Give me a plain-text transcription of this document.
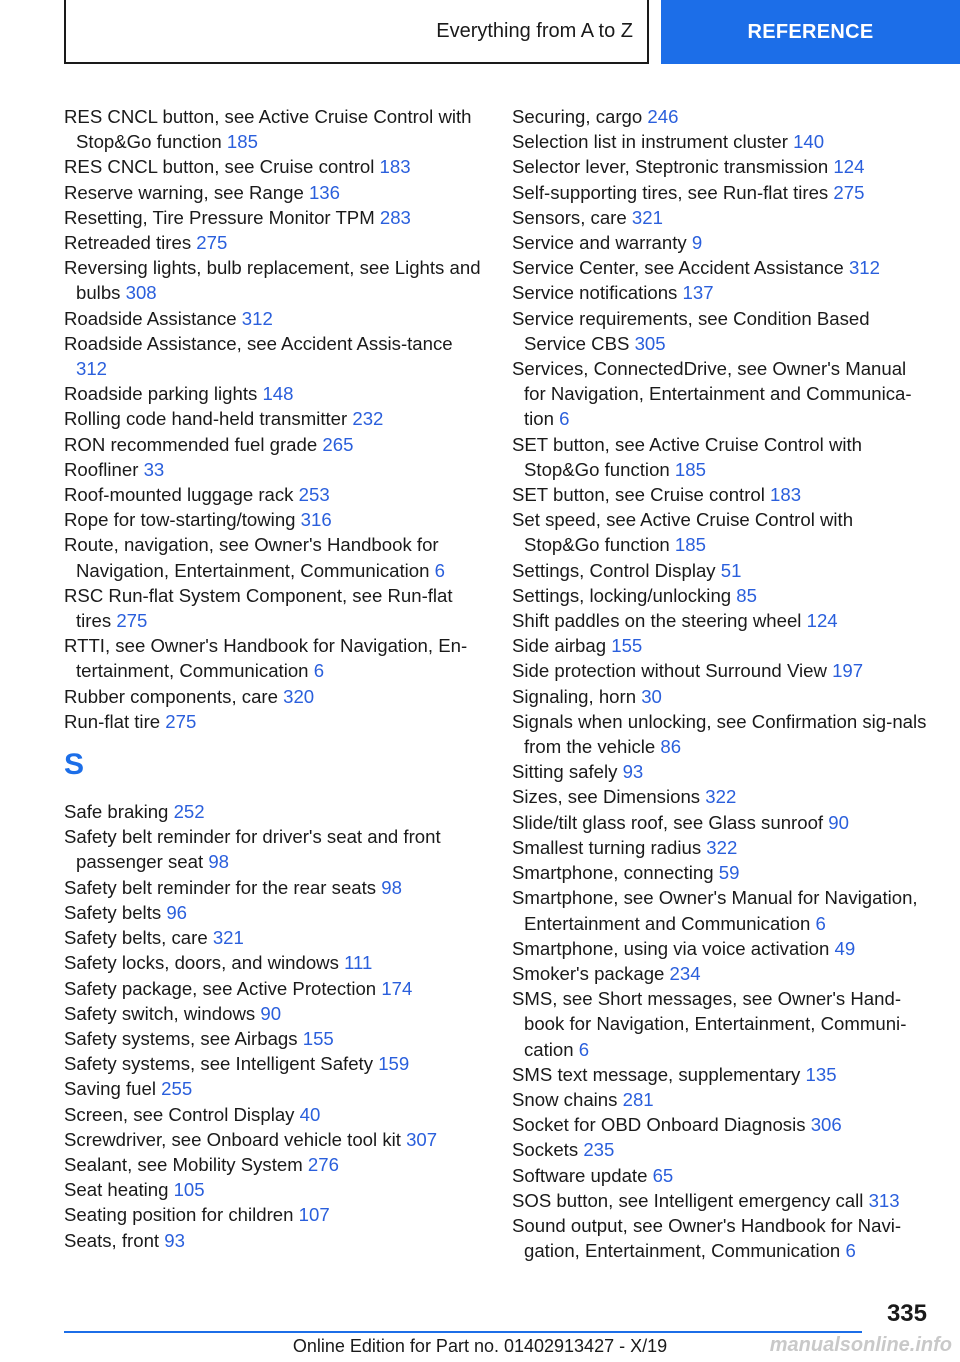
Everything from A to Z	REFERENCE
RES CNCL button, see Active Cruise Control with Stop&Go function 185
RES CNCL button, see Cruise control 183
Reserve warning, see Range 136
Resetting, Tire Pressure Monitor TPM 283
Retreaded tires 275
Reversing lights, bulb replacement, see Lights and bulbs 308
Roadside Assistance 312
Roadside Assistance, see Accident Assis-tance 312
Roadside parking lights 148
Rolling code hand-held transmitter 232
RON recommended fuel grade 265
Roofliner 33
Roof-mounted luggage rack 253
Rope for tow-starting/towing 316
Route, navigation, see Owner's Handbook for Navigation, Entertainment, Communication 6
RSC Run-flat System Component, see Run-flat tires 275
RTTI, see Owner's Handbook for Navigation, En-tertainment, Communication 6
Rubber components, care 320
Run-flat tire 275
S
Safe braking 252
Safety belt reminder for driver's seat and front passenger seat 98
Safety belt reminder for the rear seats 98
Safety belts 96
Safety belts, care 321
Safety locks, doors, and windows 111
Safety package, see Active Protection 174
Safety switch, windows 90
Safety systems, see Airbags 155
Safety systems, see Intelligent Safety 159
Saving fuel 255
Screen, see Control Display 40
Screwdriver, see Onboard vehicle tool kit 307
Sealant, see Mobility System 276
Seat heating 105
Seating position for children 107
Seats, front 93
Securing, cargo 246
Selection list in instrument cluster 140
Selector lever, Steptronic transmission 124
Self-supporting tires, see Run-flat tires 275
Sensors, care 321
Service and warranty 9
Service Center, see Accident Assistance 312
Service notifications 137
Service requirements, see Condition Based Service CBS 305
Services, ConnectedDrive, see Owner's Manual for Navigation, Entertainment and Communica-tion 6
SET button, see Active Cruise Control with Stop&Go function 185
SET button, see Cruise control 183
Set speed, see Active Cruise Control with Stop&Go function 185
Settings, Control Display 51
Settings, locking/unlocking 85
Shift paddles on the steering wheel 124
Side airbag 155
Side protection without Surround View 197
Signaling, horn 30
Signals when unlocking, see Confirmation sig-nals from the vehicle 86
Sitting safely 93
Sizes, see Dimensions 322
Slide/tilt glass roof, see Glass sunroof 90
Smallest turning radius 322
Smartphone, connecting 59
Smartphone, see Owner's Manual for Navigation, Entertainment and Communication 6
Smartphone, using via voice activation 49
Smoker's package 234
SMS, see Short messages, see Owner's Hand-book for Navigation, Entertainment, Communi-cation 6
SMS text message, supplementary 135
Snow chains 281
Socket for OBD Onboard Diagnosis 306
Sockets 235
Software update 65
SOS button, see Intelligent emergency call 313
Sound output, see Owner's Handbook for Navi-gation, Entertainment, Communication 6
335
Online Edition for Part no. 01402913427 - X/19	manualsonline.info
